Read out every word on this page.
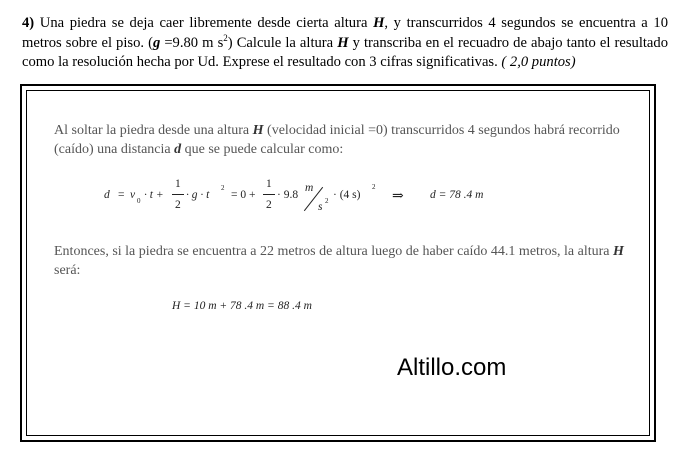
4) Una piedra se deja caer libremente desde cierta altura H, y transcurridos 4 segundos se encuentra a 10 metros sobre el piso. (g =9.80 m $s^2$) Calcule la altura H y transcriba en el recuadro de abajo tanto el resultado como la resolución hecha por Ud. Exprese el resultado con 3 cifras significativas. ( 2,0 puntos)
Al soltar la piedra desde una altura H (velocidad inicial =0) transcurridos 4 segundos habrá recorrido (caído) una distancia d que se puede calcular como:
d = v 0 · t +
1
2
· g · t
2
= 0 +
1
2
· 9.8
m
s 2 · (4 s)
2
⇒ d = 78 .4 m
Entonces, si la piedra se encuentra a 22 metros de altura luego de haber caído 44.1 metros, la altura H será:
H = 10 m + 78 .4 m = 88 .4 m
Altillo.com
